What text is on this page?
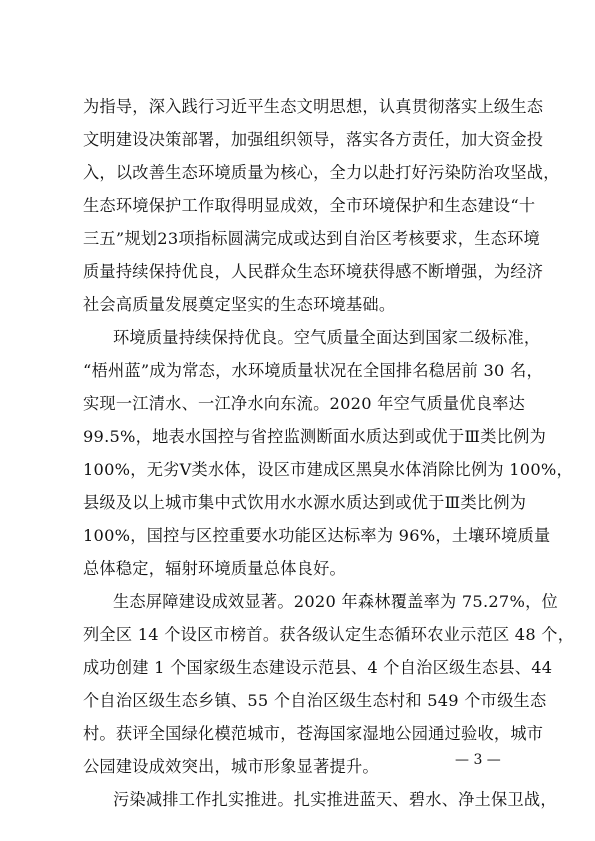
为指导，深入践行习近平生态文明思想，认真贯彻落实上级生态
文明建设决策部署，加强组织领导，落实各方责任，加大资金投
入，以改善生态环境质量为核心，全力以赴打好污染防治攻坚战，
生态环境保护工作取得明显成效，全市环境保护和生态建设“十
三五”规划23项指标圆满完成或达到自治区考核要求，生态环境
质量持续保持优良，人民群众生态环境获得感不断增强，为经济
社会高质量发展奠定坚实的生态环境基础。
环境质量持续保持优良。空气质量全面达到国家二级标准，
“梧州蓝”成为常态，水环境质量状况在全国排名稳居前 30 名，
实现一江清水、一江净水向东流。2020 年空气质量优良率达
99.5%，地表水国控与省控监测断面水质达到或优于Ⅲ类比例为
100%，无劣Ⅴ类水体，设区市建成区黑臭水体消除比例为 100%，
县级及以上城市集中式饮用水水源水质达到或优于Ⅲ类比例为
100%，国控与区控重要水功能区达标率为 96%，土壤环境质量
总体稳定，辐射环境质量总体良好。
生态屏障建设成效显著。2020 年森林覆盖率为 75.27%，位
列全区 14 个设区市榜首。获各级认定生态循环农业示范区 48 个，
成功创建 1 个国家级生态建设示范县、4 个自治区级生态县、44
个自治区级生态乡镇、55 个自治区级生态村和 549 个市级生态
村。获评全国绿化模范城市，苍海国家湿地公园通过验收，城市
公园建设成效突出，城市形象显著提升。
污染减排工作扎实推进。扎实推进蓝天、碧水、净土保卫战，
— 3 —
